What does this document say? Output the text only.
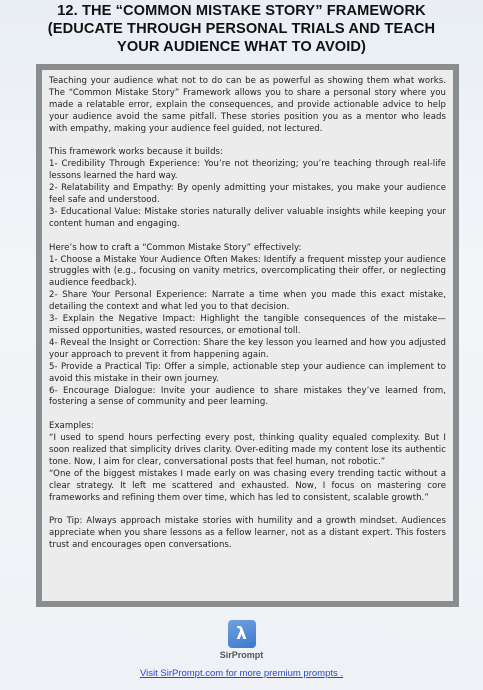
12. THE “COMMON MISTAKE STORY” FRAMEWORK
(EDUCATE THROUGH PERSONAL TRIALS AND TEACH
YOUR AUDIENCE WHAT TO AVOID)

Teaching your audience what not to do can be as powerful as showing them what works. The “Common Mistake Story” Framework allows you to share a personal story where you made a relatable error, explain the consequences, and provide actionable advice to help your audience avoid the same pitfall. These stories position you as a mentor who leads with empathy, making your audience feel guided, not lectured.

This framework works because it builds:

1- Credibility Through Experience: You’re not theorizing; you’re teaching through real-life lessons learned the hard way.

2- Relatability and Empathy: By openly admitting your mistakes, you make your audience feel safe and understood.

3- Educational Value: Mistake stories naturally deliver valuable insights while keeping your content human and engaging.

Here’s how to craft a “Common Mistake Story” effectively:

1- Choose a Mistake Your Audience Often Makes: Identify a frequent misstep your audience struggles with (e.g., focusing on vanity metrics, overcomplicating their offer, or neglecting audience feedback).

2- Share Your Personal Experience: Narrate a time when you made this exact mistake, detailing the context and what led you to that decision.

3- Explain the Negative Impact: Highlight the tangible consequences of the mistake—missed opportunities, wasted resources, or emotional toll.

4- Reveal the Insight or Correction: Share the key lesson you learned and how you adjusted your approach to prevent it from happening again.

5- Provide a Practical Tip: Offer a simple, actionable step your audience can implement to avoid this mistake in their own journey.

6- Encourage Dialogue: Invite your audience to share mistakes they’ve learned from, fostering a sense of community and peer learning.

Examples:

“I used to spend hours perfecting every post, thinking quality equaled complexity. But I soon realized that simplicity drives clarity. Over-editing made my content lose its authentic tone. Now, I aim for clear, conversational posts that feel human, not robotic.”

“One of the biggest mistakes I made early on was chasing every trending tactic without a clear strategy. It left me scattered and exhausted. Now, I focus on mastering core frameworks and refining them over time, which has led to consistent, scalable growth.”

Pro Tip: Always approach mistake stories with humility and a growth mindset. Audiences appreciate when you share lessons as a fellow learner, not as a distant expert. This fosters trust and encourages open conversations.

λ
SirPrompt
Visit SirPrompt.com for more premium prompts .
